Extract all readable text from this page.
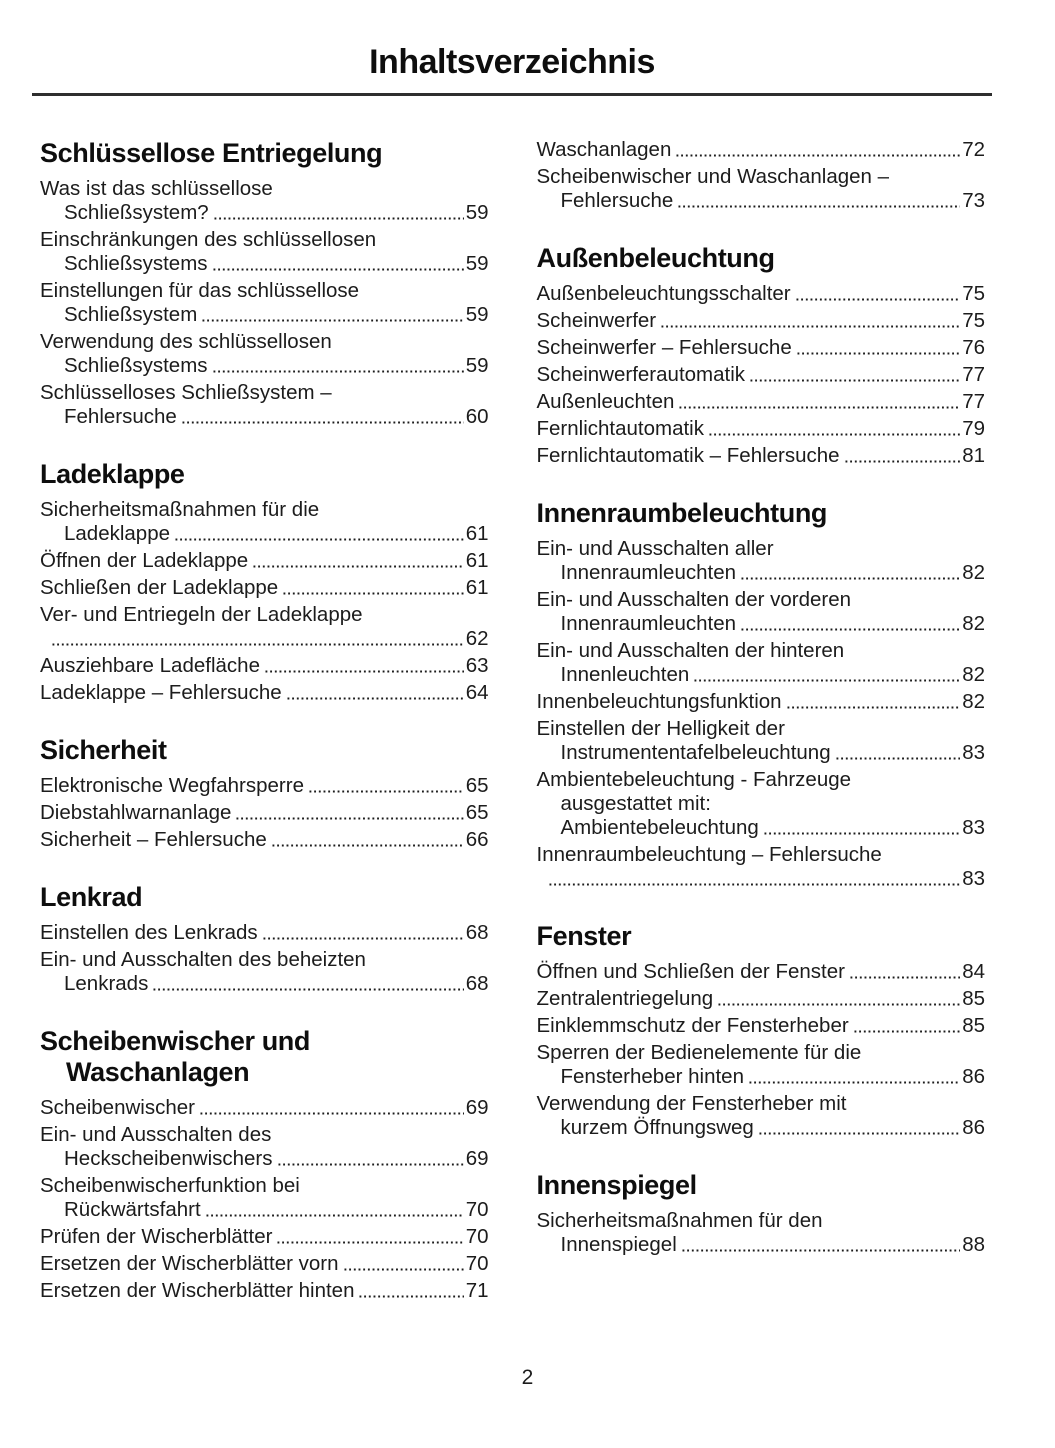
Inhaltsverzeichnis
Schlüssellose Entriegelung
Was ist das schlüssellose
Schließsystem?	59
Einschränkungen des schlüssellosen
Schließsystems	59
Einstellungen für das schlüssellose
Schließsystem	59
Verwendung des schlüssellosen
Schließsystems	59
Schlüsselloses Schließsystem –
Fehlersuche	60
Ladeklappe
Sicherheitsmaßnahmen für die
Ladeklappe	61
Öffnen der Ladeklappe	61
Schließen der Ladeklappe	61
Ver- und Entriegeln der Ladeklappe
62
Ausziehbare Ladefläche	63
Ladeklappe – Fehlersuche	64
Sicherheit
Elektronische Wegfahrsperre	65
Diebstahlwarnanlage	65
Sicherheit – Fehlersuche	66
Lenkrad
Einstellen des Lenkrads	68
Ein- und Ausschalten des beheizten
Lenkrads	68
Scheibenwischer und
Waschanlagen
Scheibenwischer	69
Ein- und Ausschalten des
Heckscheibenwischers	69
Scheibenwischerfunktion bei
Rückwärtsfahrt	70
Prüfen der Wischerblätter	70
Ersetzen der Wischerblätter vorn	70
Ersetzen der Wischerblätter hinten	71
Waschanlagen	72
Scheibenwischer und Waschanlagen –
Fehlersuche	73
Außenbeleuchtung
Außenbeleuchtungsschalter	75
Scheinwerfer	75
Scheinwerfer – Fehlersuche	76
Scheinwerferautomatik	77
Außenleuchten	77
Fernlichtautomatik	79
Fernlichtautomatik – Fehlersuche	81
Innenraumbeleuchtung
Ein- und Ausschalten aller
Innenraumleuchten	82
Ein- und Ausschalten der vorderen
Innenraumleuchten	82
Ein- und Ausschalten der hinteren
Innenleuchten	82
Innenbeleuchtungsfunktion	82
Einstellen der Helligkeit der
Instrumententafelbeleuchtung	83
Ambientebeleuchtung - Fahrzeuge
ausgestattet mit:
Ambientebeleuchtung	83
Innenraumbeleuchtung – Fehlersuche
83
Fenster
Öffnen und Schließen der Fenster	84
Zentralentriegelung	85
Einklemmschutz der Fensterheber	85
Sperren der Bedienelemente für die
Fensterheber hinten	86
Verwendung der Fensterheber mit
kurzem Öffnungsweg	86
Innenspiegel
Sicherheitsmaßnahmen für den
Innenspiegel	88
2
